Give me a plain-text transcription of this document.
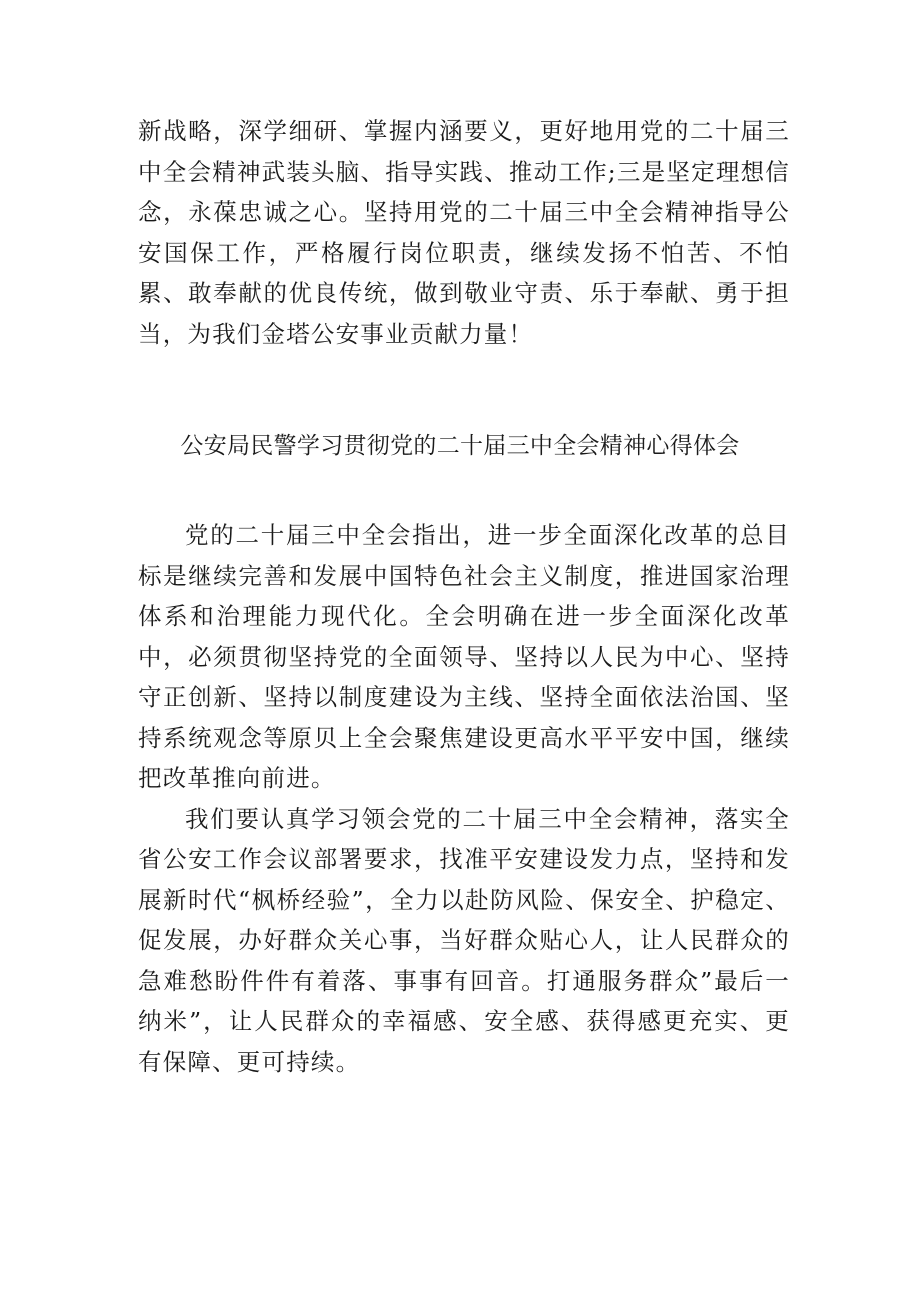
新战略，深学细研、掌握内涵要义，更好地用党的二十届三中全会精神武装头脑、指导实践、推动工作;三是坚定理想信念，永葆忠诚之心。坚持用党的二十届三中全会精神指导公安国保工作，严格履行岗位职责，继续发扬不怕苦、不怕累、敢奉献的优良传统，做到敬业守责、乐于奉献、勇于担当，为我们金塔公安事业贡献力量！

公安局民警学习贯彻党的二十届三中全会精神心得体会

党的二十届三中全会指出，进一步全面深化改革的总目标是继续完善和发展中国特色社会主义制度，推进国家治理体系和治理能力现代化。全会明确在进一步全面深化改革中，必须贯彻坚持党的全面领导、坚持以人民为中心、坚持守正创新、坚持以制度建设为主线、坚持全面依法治国、坚持系统观念等原贝上全会聚焦建设更高水平平安中国，继续把改革推向前进。

我们要认真学习领会党的二十届三中全会精神，落实全省公安工作会议部署要求，找准平安建设发力点，坚持和发展新时代“枫桥经验”，全力以赴防风险、保安全、护稳定、促发展，办好群众关心事，当好群众贴心人，让人民群众的急难愁盼件件有着落、事事有回音。打通服务群众”最后一纳米”，让人民群众的幸福感、安全感、获得感更充实、更有保障、更可持续。
